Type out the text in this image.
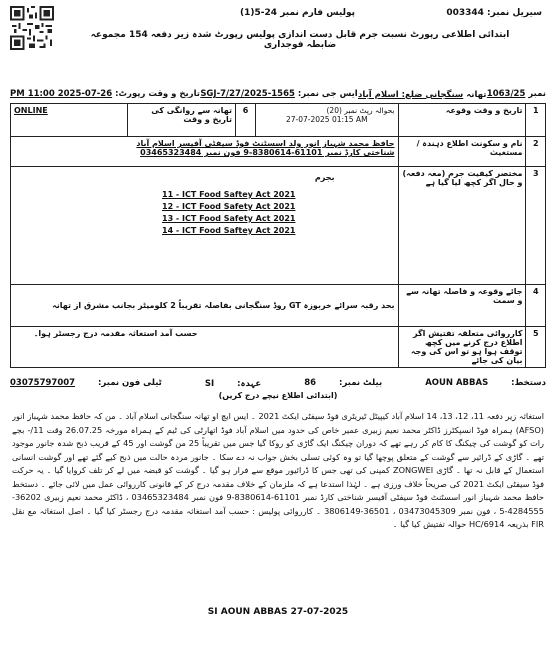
سیریل نمبر: 003344
پولیس فارم نمبر 24-5(1)
ابتدائی اطلاعی رپورٹ نسبت جرم قابل دست اندازی پولیس رپورٹ شدہ زیر دفعہ 154 مجموعہ ضابطہ فوجداری
نمبر 1063/25
تھانہ سنگجانی ضلع: اسلام آباد
ایس جی نمبر: SGJ-7/27/2025-1565
تاریخ و وقت رپورٹ: 26-07-2025 11:00 PM
ONLINE	تھانہ سے روانگی کی تاریخ و وقت	6	بحوالہ رپٹ نمبر (20)
27-07-2025 01:15 AM	تاریخ و وقت وقوعہ	1

حافظ محمد شہباز انور ولد اسسٹنٹ فوڈ سیفٹی آفیسر اسلام آباد
شناختی کارڈ نمبر 61101-8380614-9 فون نمبر 03465323484				نام و سکونت اطلاع دہندہ / مستغیث	2

بجرم
11 - ICT Food Saftey Act 2021
12 - ICT Food Safety Act 2021
13 - ICT Food Safety Act 2021
14 - ICT Food Saftey Act 2021				مختصر کیفیت جرم (معہ دفعہ) و حال اگر کچھ لیا گیا ہے	3
بحد رقبہ سرائے خربوزہ GT روڈ سنگجانی بفاصلہ تقریباً 2 کلومیٹر بجانب مشرق از تھانہ				جائے وقوعہ و فاصلہ تھانہ سے و سمت	4
حسب آمد استغاثہ مقدمہ درج رجسٹر ہوا۔				کارروائی متعلقہ تفتیش اگر اطلاع درج کرنے میں کچھ توقف ہوا ہو تو اس کی وجہ بیان کی جائے	5
دستخط: AOUN ABBAS
بیلٹ نمبر: 86
عہدہ: SI
ٹیلی فون نمبر: 03075797007
(ابتدائی اطلاع نیچے درج کریں)
استغاثہ زیر دفعہ 11، 12، 13، 14 اسلام آباد کیپیٹل ٹیریٹری فوڈ سیفٹی ایکٹ 2021 ۔ ایس ایچ او تھانہ سنگجانی اسلام آباد ۔ من کہ حافظ محمد شہباز انور (AFSO) ہمراہ فوڈ انسپکٹرز ڈاکٹر محمد نعیم زبیری عمیر خاص کی حدود میں اسلام آباد فوڈ اتھارٹی کی ٹیم کے ہمراہ مورخہ 26.07.25 وقت 11/- بجے رات کو گوشت کی چیکنگ کا کام کر رہے تھے کہ دوران چیکنگ ایک گاڑی کو روکا گیا جس میں تقریباً 25 من گوشت اور 45 کے قریب ذبح شدہ جانور موجود تھے ۔ گاڑی کے ڈرائیر سے گوشت کے متعلق پوچھا گیا تو وہ کوئی تسلی بخش جواب نہ دے سکا ۔ جانور مردہ حالت میں ذبح کیے گئے تھے اور گوشت انسانی استعمال کے قابل نہ تھا ۔ گاڑی ZONGWEI کمپنی کی تھی جس کا ڈرائیور موقع سے فرار ہو گیا ۔ گوشت کو قبضہ میں لے کر تلف کروایا گیا ۔ یہ حرکت فوڈ سیفٹی ایکٹ 2021 کی صریحاً خلاف ورزی ہے ۔ لہٰذا استدعا ہے کہ ملزمان کے خلاف مقدمہ درج کر کے قانونی کارروائی عمل میں لائی جائے ۔ دستخط حافظ محمد شہباز انور اسسٹنٹ فوڈ سیفٹی آفیسر شناختی کارڈ نمبر 61101-8380614-9 فون نمبر 03465323484 ، ڈاکٹر محمد نعیم زبیری 36202-4284555-5 ، فون نمبر 03473045309 ، 36501-3806149 ۔ کارروائی پولیس : حسب آمد استغاثہ مقدمہ درج رجسٹر کیا گیا ۔ اصل استغاثہ مع نقل FIR بذریعہ HC/6914 حوالہ تفتیش کیا گیا ۔
SI AOUN ABBAS 27-07-2025
